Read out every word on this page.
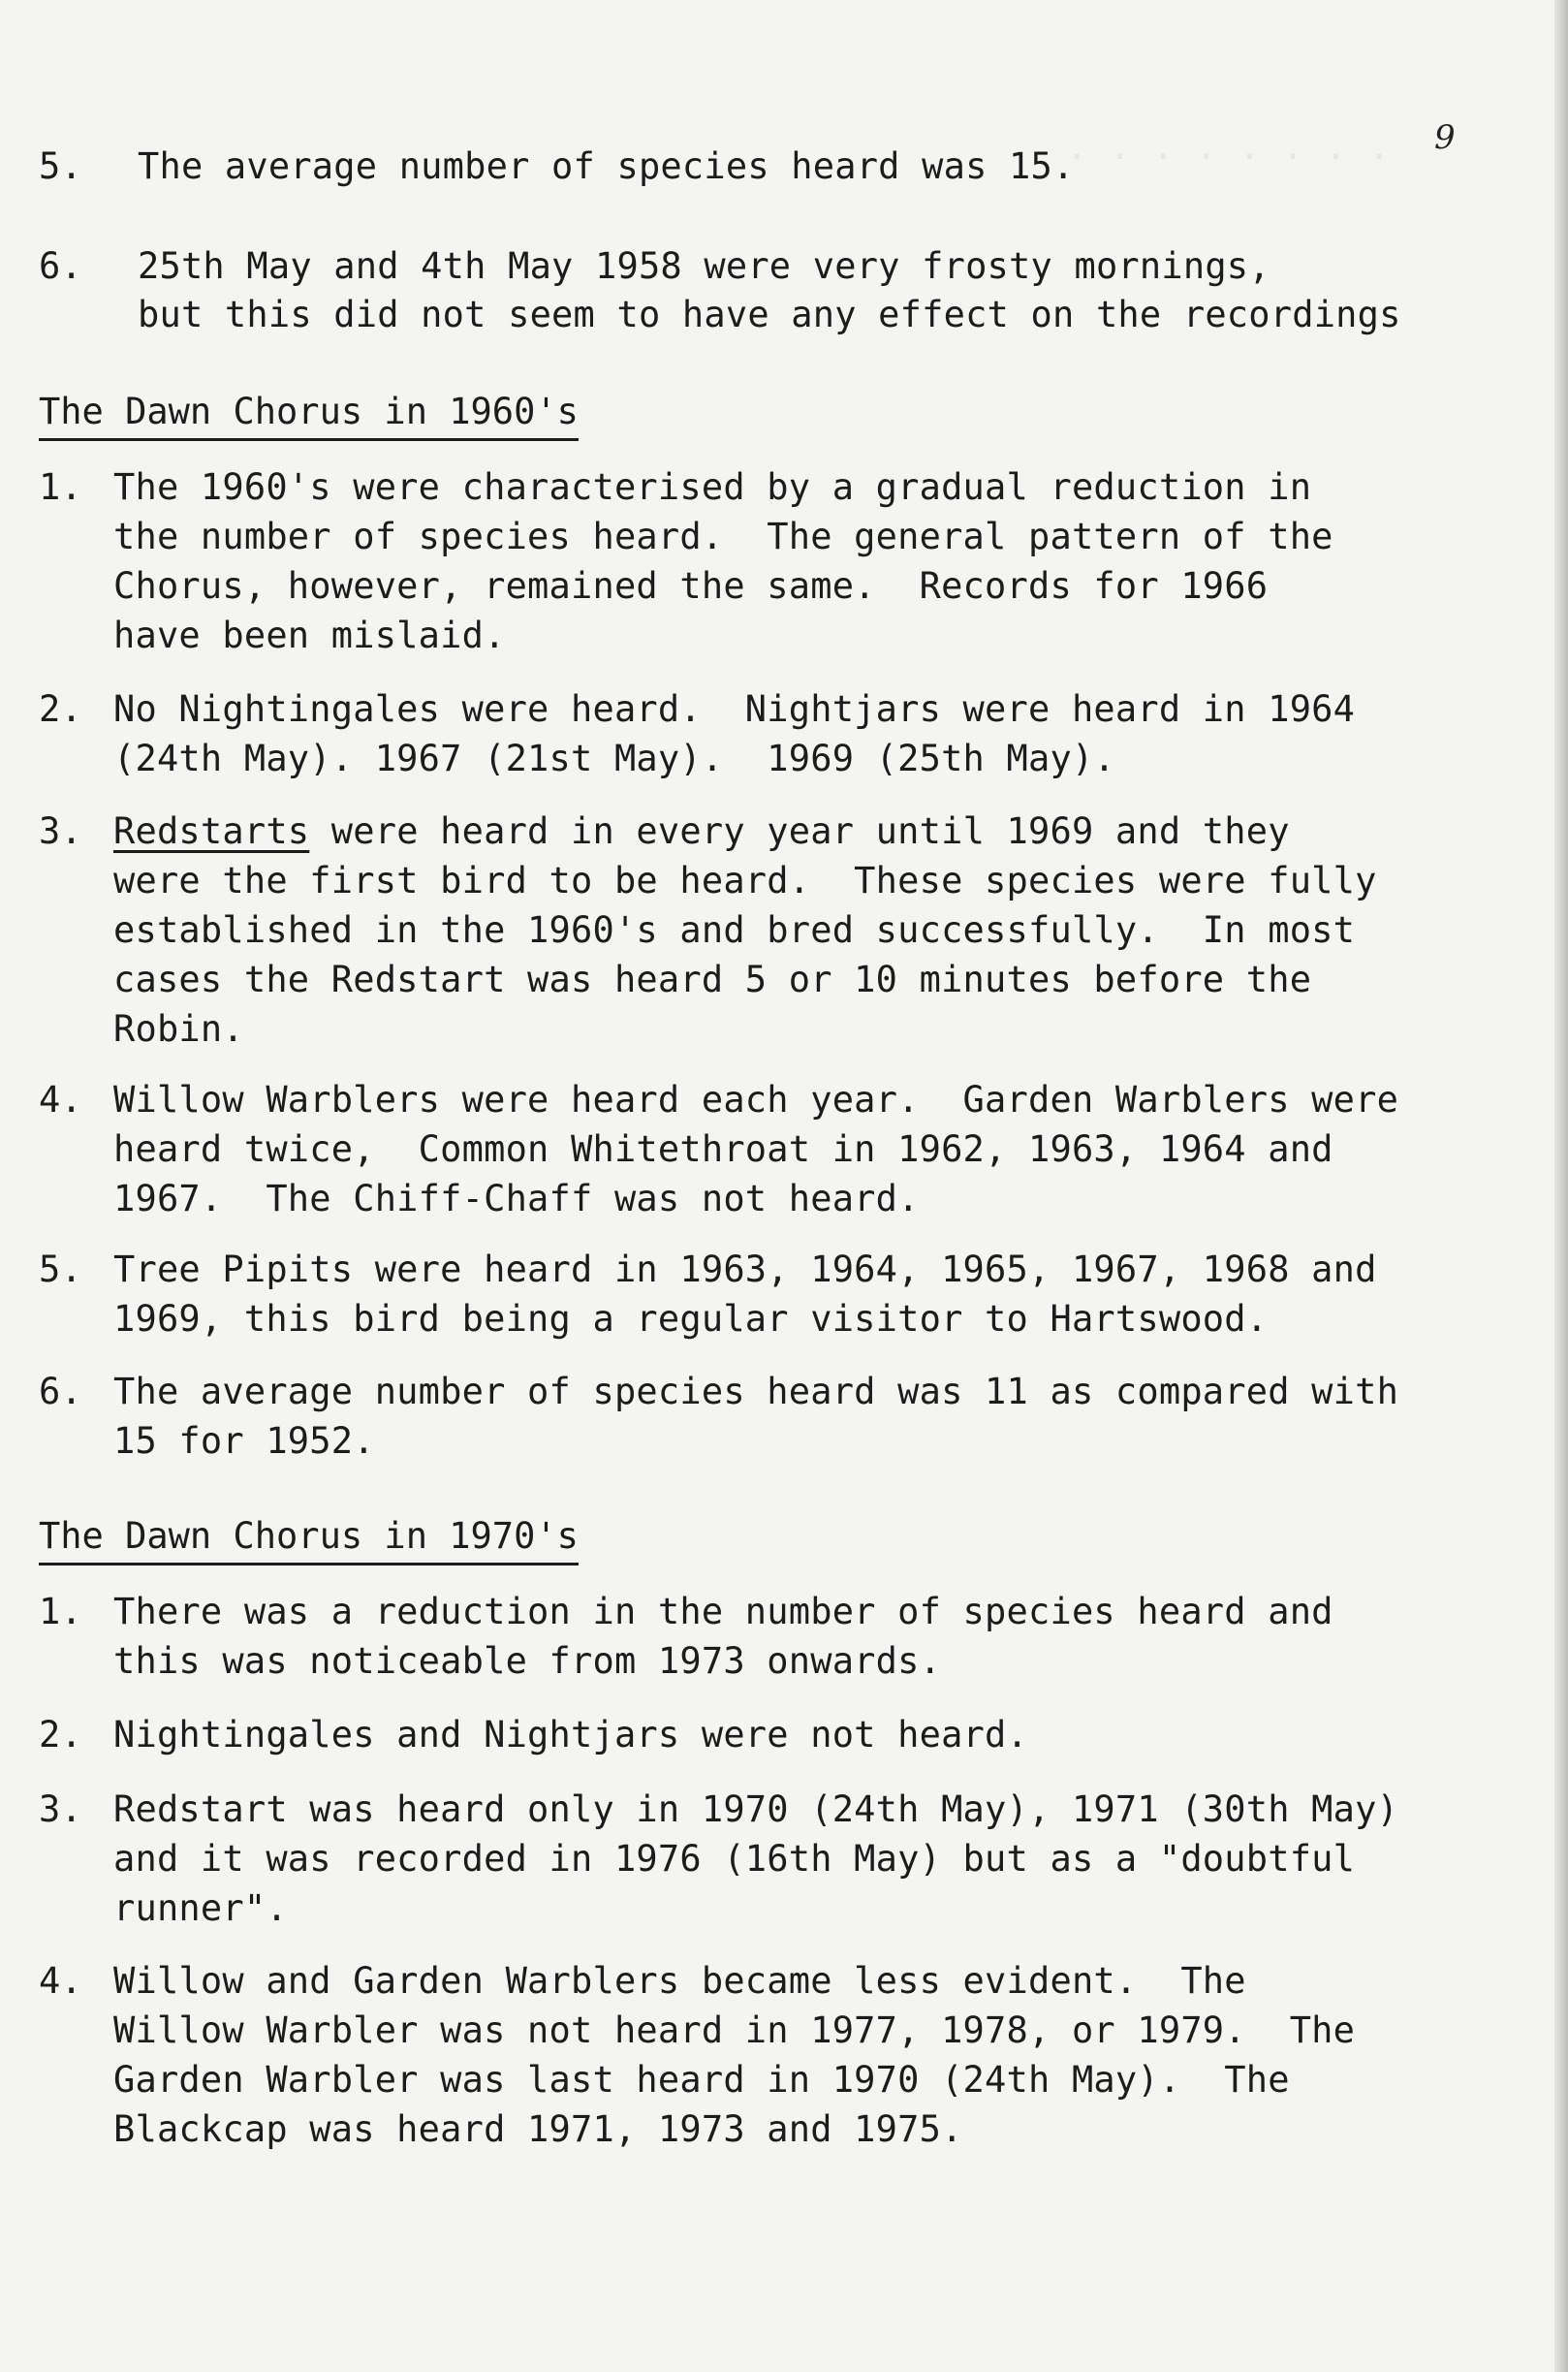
. . . . . . . . 9
5. The average number of species heard was 15.
6. 25th May and 4th May 1958 were very frosty mornings,
but this did not seem to have any effect on the recordings
The Dawn Chorus in 1960's
1. The 1960's were characterised by a gradual reduction in
the number of species heard.  The general pattern of the
Chorus, however, remained the same.  Records for 1966
have been mislaid.
2. No Nightingales were heard.  Nightjars were heard in 1964
(24th May). 1967 (21st May).  1969 (25th May).
3. Redstarts were heard in every year until 1969 and they
were the first bird to be heard.  These species were fully
established in the 1960's and bred successfully.  In most
cases the Redstart was heard 5 or 10 minutes before the
Robin.
4. Willow Warblers were heard each year.  Garden Warblers were
heard twice,  Common Whitethroat in 1962, 1963, 1964 and
1967.  The Chiff-Chaff was not heard.
5. Tree Pipits were heard in 1963, 1964, 1965, 1967, 1968 and
1969, this bird being a regular visitor to Hartswood.
6. The average number of species heard was 11 as compared with
15 for 1952.
The Dawn Chorus in 1970's
1. There was a reduction in the number of species heard and
this was noticeable from 1973 onwards.
2. Nightingales and Nightjars were not heard.
3. Redstart was heard only in 1970 (24th May), 1971 (30th May)
and it was recorded in 1976 (16th May) but as a "doubtful
runner".
4. Willow and Garden Warblers became less evident.  The
Willow Warbler was not heard in 1977, 1978, or 1979.  The
Garden Warbler was last heard in 1970 (24th May).  The
Blackcap was heard 1971, 1973 and 1975.
